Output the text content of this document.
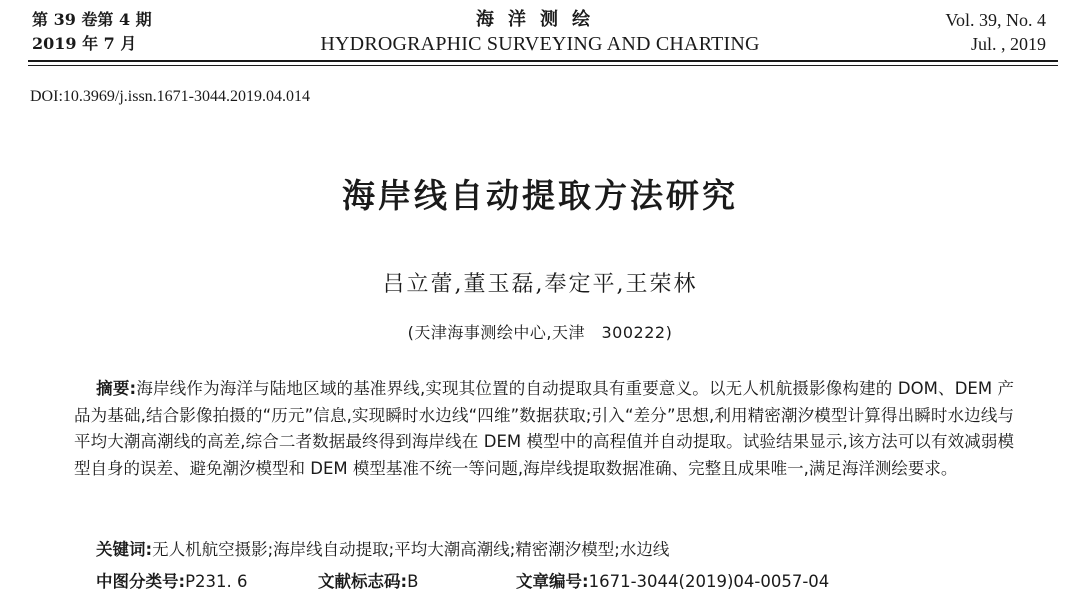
第 39 卷第 4 期
2019 年 7 月
海洋测绘
HYDROGRAPHIC SURVEYING AND CHARTING
Vol. 39, No. 4
Jul. , 2019
DOI:10.3969/j.issn.1671-3044.2019.04.014
海岸线自动提取方法研究
吕立蕾,董玉磊,奉定平,王荣林
(天津海事测绘中心,天津　300222)
摘要:海岸线作为海洋与陆地区域的基准界线,实现其位置的自动提取具有重要意义。以无人机航摄影像构建的 DOM、DEM 产品为基础,结合影像拍摄的“历元”信息,实现瞬时水边线“四维”数据获取;引入“差分”思想,利用精密潮汐模型计算得出瞬时水边线与平均大潮高潮线的高差,综合二者数据最终得到海岸线在 DEM 模型中的高程值并自动提取。试验结果显示,该方法可以有效减弱模型自身的误差、避免潮汐模型和 DEM 模型基准不统一等问题,海岸线提取数据准确、完整且成果唯一,满足海洋测绘要求。
关键词:无人机航空摄影;海岸线自动提取;平均大潮高潮线;精密潮汐模型;水边线
中图分类号:P231. 6	文献标志码:B	文章编号:1671-3044(2019)04-0057-04
